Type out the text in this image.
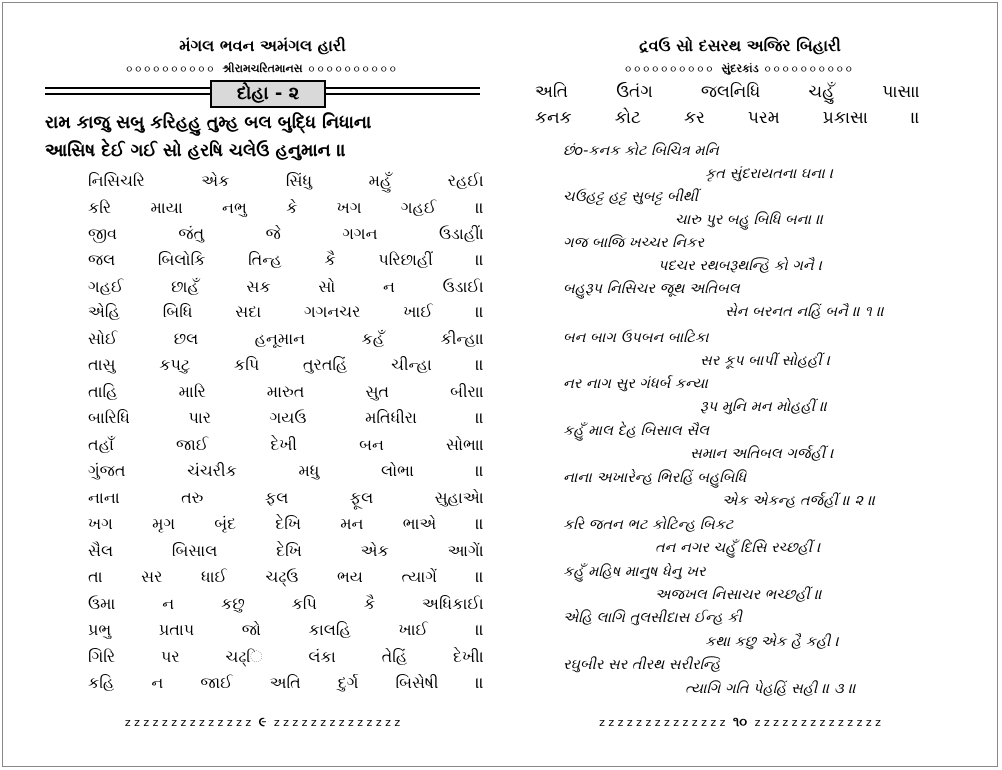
મંગલ ભવન અમંગલ હારી
૦૦૦૦૦૦૦૦૦૦ શ્રીરામચરિતમાનસ ૦૦૦૦૦૦૦૦૦૦
દોહા - ૨
રામ કાજુ સબુ કરિહહુ તુમ્હ બલ બુદ્ધિ નિધાન।
આસિષ દેઈ ગઈ સો હરષિ ચલેઉ હનુમાન ॥
નિસિચરિ એક સિંધુ મહુઁ રહઈ।
કરિ માયા નભુ કે ખગ ગહઈ ॥
જીવ જંતુ જે ગગન ઉડાહીં।
જલ બિલોકિ તિન્હ કૈ પરિછાહીં ॥
ગહઈ છાહઁ સક સો ન ઉડાઈ।
એહિ બિધિ સદા ગગનચર ખાઈ ॥
સોઈ છલ હનૂમાન કહઁ કીન્હા।
તાસુ કપટુ કપિ તુરતહિં ચીન્હા ॥
તાહિ મારિ મારુત સુત બીરા।
બારિધિ પાર ગયઉ મતિધીરા ॥
તહાઁ જાઈ દેખી બન સોભા।
ગુંજત ચંચરીક મધુ લોભા ॥
નાના તરુ ફલ ફૂલ સુહાએ।
ખગ મૃગ બૃંદ દેખિ મન ભાએ ॥
સૈલ બિસાલ દેખિ એક આગેં।
તા સર ધાઈ ચઢ્ઉ ભય ત્યાગેં ॥
ઉમા ન કછુ કપિ કૈ અધિકાઈ।
પ્રભુ પ્રતાપ જો કાલહિ ખાઈ ॥
ગિરિ પર ચઢ્િ લંકા તેહિં દેખી।
કહિ ન જાઈ અતિ દુર્ગ બિસેષી ॥
z z z z z z z z z z z z z z ૯ z z z z z z z z z z z z z z
દ્રવઉ સો દસરથ અજિર બિહારી
૦૦૦૦૦૦૦૦૦૦ સુંદરકાંડ ૦૦૦૦૦૦૦૦૦૦
અતિ ઉતંગ જલનિધિ ચહુઁ પાસા।
કનક કોટ કર પરમ પ્રકાસા ॥
છંo-કનક કોટ બિચિત્ર મનિ
કૃત સુંદરાયતના ઘના ।
ચઉહટ્ટ હટ્ટ સુબટ્ટ બીથીં
ચારુ પુર બહુ બિધિ બના ॥
ગજ બાજિ ખચ્ચર નિકર
પદચર રથબરૂથન્હિ કો ગનૈ ।
બહુરૂપ નિસિચર જૂથ અતિબલ
સેન બરનત નહિં બનૈ ॥ ૧ ॥
બન બાગ ઉપબન બાટિકા
સર કૂપ બાપીં સોહહીં ।
નર નાગ સુર ગંધર્બ કન્યા
રૂપ મુનિ મન મોહહીં ॥
કહુઁ માલ દેહ બિસાલ સૈલ
સમાન અતિબલ ગર્જહીં ।
નાના અખારેન્હ ભિરહિં બહુબિધિ
એક એકન્હ તર્જહીં ॥ ૨ ॥
કરિ જતન ભટ કોટિન્હ બિકટ
તન નગર ચહુઁ દિસિ રચ્છહીં ।
કહુઁ મહિષ માનુષ ધેનુ ખર
અજખલ નિસાચર ભચ્છહીં ॥
એહિ લાગિ તુલસીદાસ ઈન્હ કી
કથા કછુ એક હૈ કહી ।
રઘુબીર સર તીરથ સરીરન્હિ
ત્યાગિ ગતિ પેહહિં સહી ॥ ૩ ॥
z z z z z z z z z z z z z z ૧૦ z z z z z z z z z z z z z z
